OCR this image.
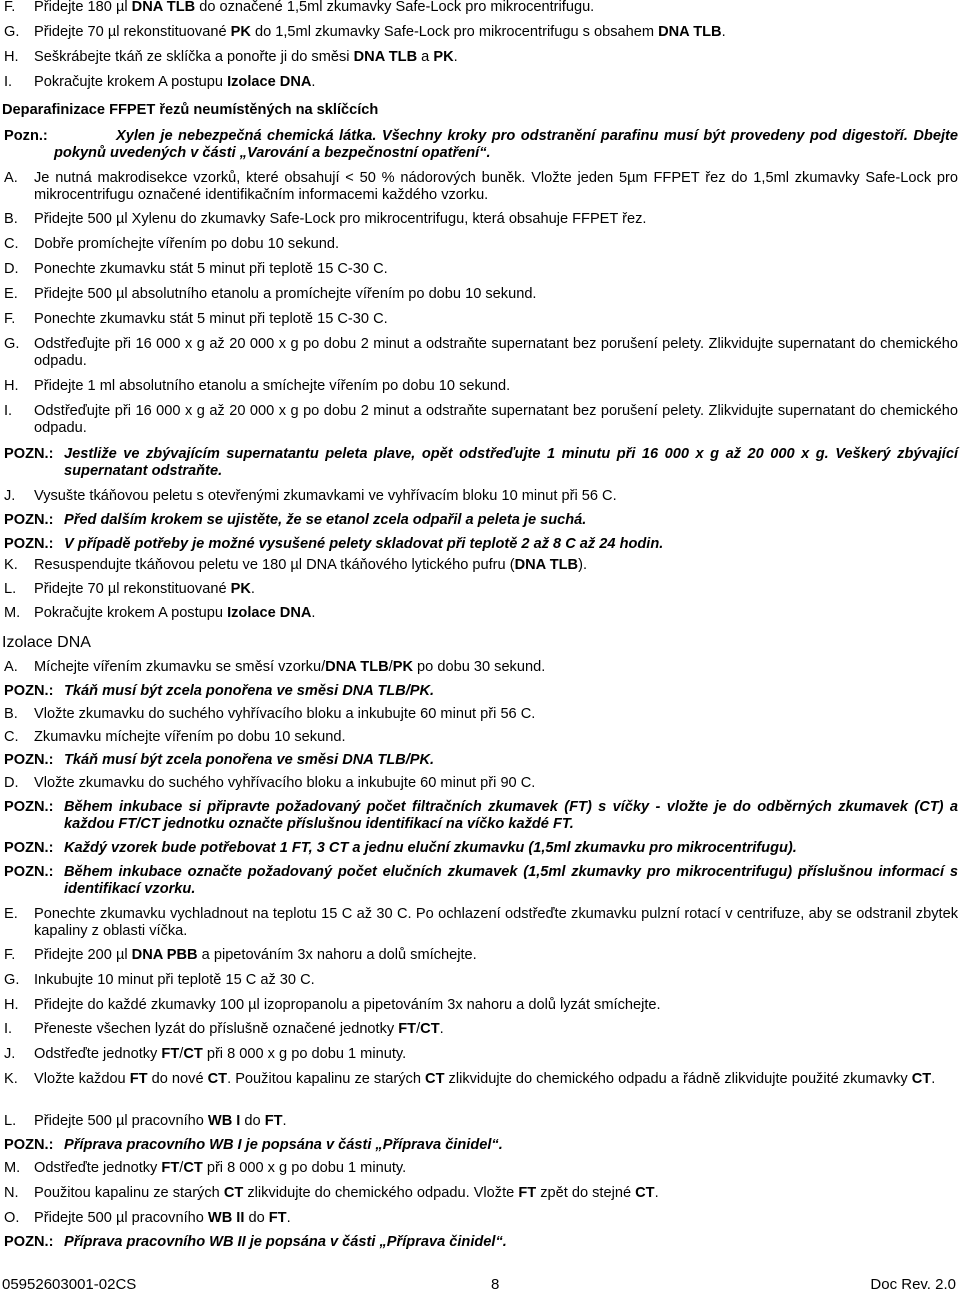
F.	Přidejte 180 µl DNA TLB do označené 1,5ml zkumavky Safe-Lock pro mikrocentrifugu.
G. Přidejte 70 µl rekonstituované PK do 1,5ml zkumavky Safe-Lock pro mikrocentrifugu s obsahem DNA TLB.
H.	Seškrábejte tkáň ze sklíčka a ponořte ji do směsi DNA TLB a PK.
I.	Pokračujte krokem A postupu Izolace DNA.
Deparafinizace FFPET řezů neumístěných na sklíčcích
Pozn.:	Xylen je nebezpečná chemická látka. Všechny kroky pro odstranění parafinu musí být provedeny pod digestoří. Dbejte pokynů uvedených v části „Varování a bezpečnostní opatření“.
A.	Je nutná makrodisekce vzorků, které obsahují < 50 % nádorových buněk. Vložte jeden 5µm FFPET řez do 1,5ml zkumavky Safe-Lock pro mikrocentrifugu označené identifikačním informacemi každého vzorku.
B.	Přidejte 500 µl Xylenu do zkumavky Safe-Lock pro mikrocentrifugu, která obsahuje FFPET řez.
C.	Dobře promíchejte vířením po dobu 10 sekund.
D.	Ponechte zkumavku stát 5 minut při teplotě 15 C-30 C.
E.	Přidejte 500 µl absolutního etanolu a promíchejte vířením po dobu 10 sekund.
F.	Ponechte zkumavku stát 5 minut při teplotě 15 C-30 C.
G. Odstřeďujte při 16 000 x g až 20 000 x g po dobu 2 minut a odstraňte supernatant bez porušení pelety. Zlikvidujte supernatant do chemického odpadu.
H.	Přidejte 1 ml absolutního etanolu a smíchejte vířením po dobu 10 sekund.
I.	Odstřeďujte při 16 000 x g až 20 000 x g po dobu 2 minut a odstraňte supernatant bez porušení pelety. Zlikvidujte supernatant do chemického odpadu.
POZN.: Jestliže ve zbývajícím supernatantu peleta plave, opět odstřeďujte 1 minutu při 16 000 x g až 20 000 x g. Veškerý zbývající supernatant odstraňte.
J.	Vysušte tkáňovou peletu s otevřenými zkumavkami ve vyhřívacím bloku 10 minut při 56 C.
POZN.: Před dalším krokem se ujistěte, že se etanol zcela odpařil a peleta je suchá.
POZN.: V případě potřeby je možné vysušené pelety skladovat při teplotě 2 až 8 C až 24 hodin.
K.	Resuspendujte tkáňovou peletu ve 180 µl DNA tkáňového lytického pufru (DNA TLB).
L.	Přidejte 70 µl rekonstituované PK.
M. Pokračujte krokem A postupu Izolace DNA.
Izolace DNA
A.	Míchejte vířením zkumavku se směsí vzorku/DNA TLB/PK po dobu 30 sekund.
POZN.: Tkáň musí být zcela ponořena ve směsi DNA TLB/PK.
B.	Vložte zkumavku do suchého vyhřívacího bloku a inkubujte 60 minut při 56 C.
C.	Zkumavku míchejte vířením po dobu 10 sekund.
POZN.: Tkáň musí být zcela ponořena ve směsi DNA TLB/PK.
D.	Vložte zkumavku do suchého vyhřívacího bloku a inkubujte 60 minut při 90 C.
POZN.: Během inkubace si připravte požadovaný počet filtračních zkumavek (FT) s víčky - vložte je do odběrných zkumavek (CT) a každou FT/CT jednotku označte příslušnou identifikací na víčko každé FT.
POZN.: Každý vzorek bude potřebovat 1 FT, 3 CT a jednu eluční zkumavku (1,5ml zkumavku pro mikrocentrifugu).
POZN.: Během inkubace označte požadovaný počet elučních zkumavek (1,5ml zkumavky pro mikrocentrifugu) příslušnou informací s identifikací vzorku.
E.	Ponechte zkumavku vychladnout na teplotu 15 C až 30 C. Po ochlazení odstřeďte zkumavku pulzní rotací v centrifuze, aby se odstranil zbytek kapaliny z oblasti víčka.
F.	Přidejte 200 µl DNA PBB a pipetováním 3x nahoru a dolů smíchejte.
G. Inkubujte 10 minut při teplotě 15 C až 30 C.
H.	Přidejte do každé zkumavky 100 µl izopropanolu a pipetováním 3x nahoru a dolů lyzát smíchejte.
I.	Přeneste všechen lyzát do příslušně označené jednotky FT/CT.
J.	Odstřeďte jednotky FT/CT při 8 000 x g po dobu 1 minuty.
K.	Vložte každou FT do nové CT. Použitou kapalinu ze starých CT zlikvidujte do chemického odpadu a řádně zlikvidujte použité zkumavky CT.
L.	Přidejte 500 µl pracovního WB I do FT.
POZN.: Příprava pracovního WB I je popsána v části „Příprava činidel“.
M. Odstřeďte jednotky FT/CT při 8 000 x g po dobu 1 minuty.
N.	Použitou kapalinu ze starých CT zlikvidujte do chemického odpadu. Vložte FT zpět do stejné CT.
O. Přidejte 500 µl pracovního WB II do FT.
POZN.: Příprava pracovního WB II je popsána v části „Příprava činidel“.
05952603001-02CS	8	Doc Rev. 2.0
